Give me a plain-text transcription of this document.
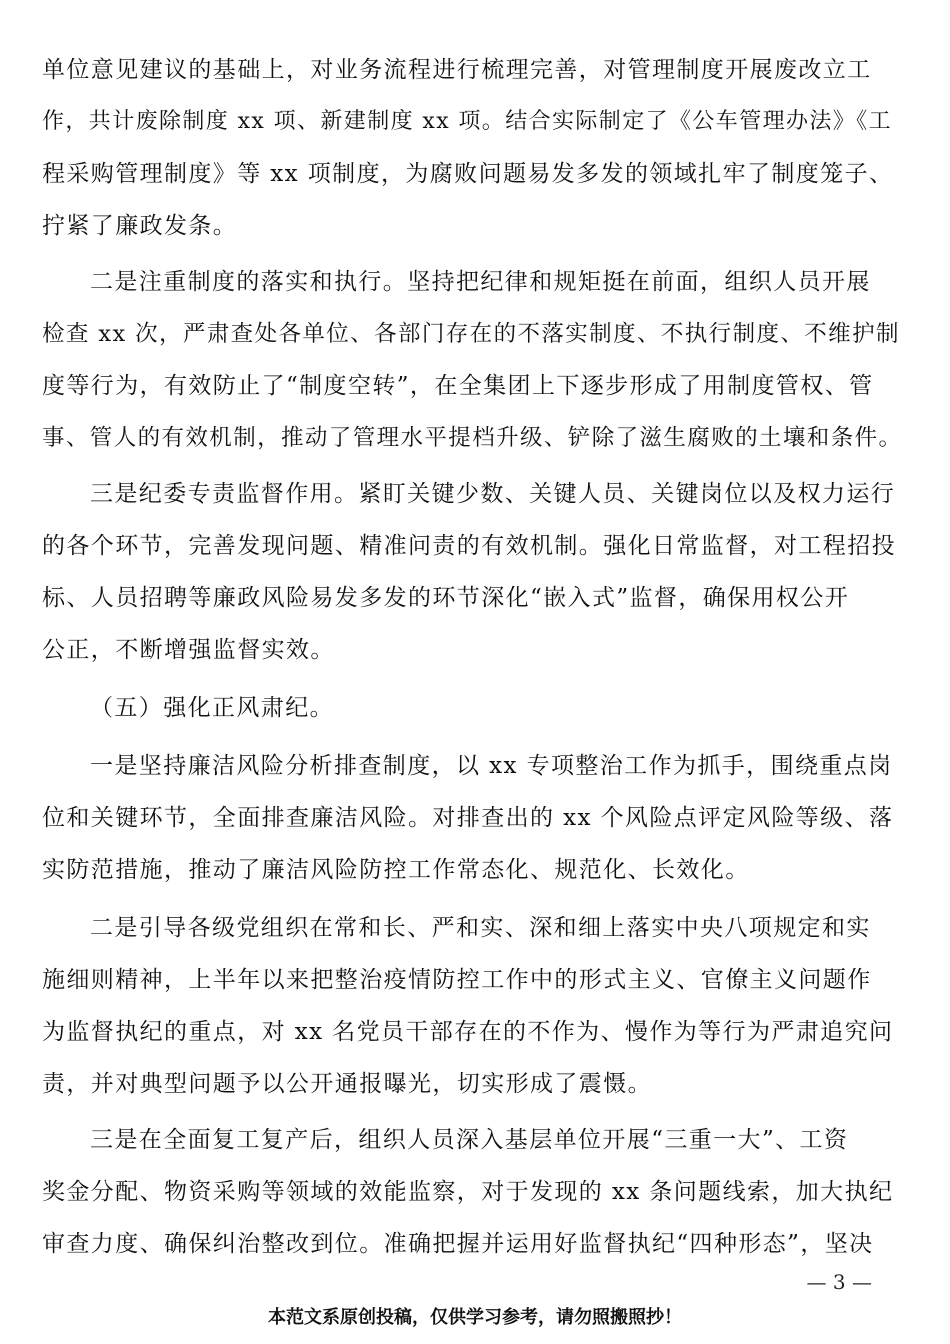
单位意见建议的基础上，对业务流程进行梳理完善，对管理制度开展废改立工
作，共计废除制度 xx 项、新建制度 xx 项。结合实际制定了《公车管理办法》《工
程采购管理制度》等 xx 项制度，为腐败问题易发多发的领域扎牢了制度笼子、
拧紧了廉政发条。
二是注重制度的落实和执行。坚持把纪律和规矩挺在前面，组织人员开展
检查 xx 次，严肃查处各单位、各部门存在的不落实制度、不执行制度、不维护制
度等行为，有效防止了“制度空转”，在全集团上下逐步形成了用制度管权、管
事、管人的有效机制，推动了管理水平提档升级、铲除了滋生腐败的土壤和条件。
三是纪委专责监督作用。紧盯关键少数、关键人员、关键岗位以及权力运行
的各个环节，完善发现问题、精准问责的有效机制。强化日常监督，对工程招投
标、人员招聘等廉政风险易发多发的环节深化“嵌入式”监督，确保用权公开
公正，不断增强监督实效。
（五）强化正风肃纪。
一是坚持廉洁风险分析排查制度，以 xx 专项整治工作为抓手，围绕重点岗
位和关键环节，全面排查廉洁风险。对排查出的 xx 个风险点评定风险等级、落
实防范措施，推动了廉洁风险防控工作常态化、规范化、长效化。
二是引导各级党组织在常和长、严和实、深和细上落实中央八项规定和实
施细则精神，上半年以来把整治疫情防控工作中的形式主义、官僚主义问题作
为监督执纪的重点，对 xx 名党员干部存在的不作为、慢作为等行为严肃追究问
责，并对典型问题予以公开通报曝光，切实形成了震慑。
三是在全面复工复产后，组织人员深入基层单位开展“三重一大”、工资
奖金分配、物资采购等领域的效能监察，对于发现的 xx 条问题线索，加大执纪
审查力度、确保纠治整改到位。准确把握并运用好监督执纪“四种形态”，坚决
— 3 —
本范文系原创投稿，仅供学习参考，请勿照搬照抄！
